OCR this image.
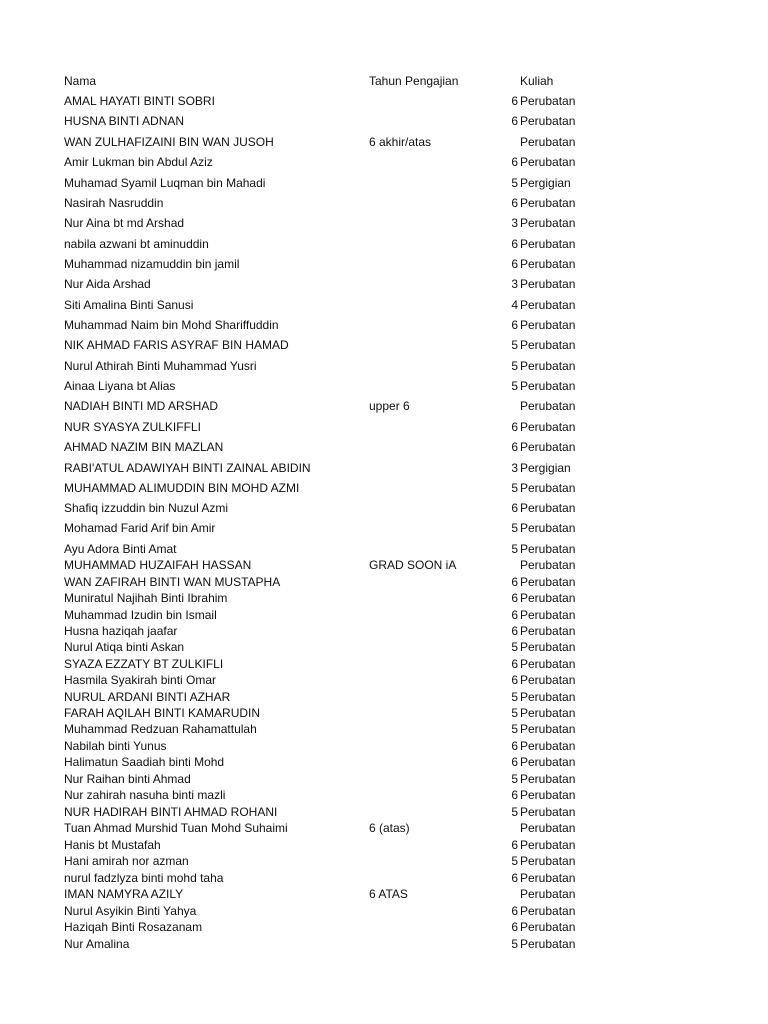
Nama	Tahun Pengajian	Kuliah
AMAL HAYATI BINTI SOBRI	6 Perubatan
HUSNA BINTI ADNAN	6 Perubatan
WAN ZULHAFIZAINI BIN WAN JUSOH	6 akhir/atas	Perubatan
Amir Lukman bin Abdul Aziz	6 Perubatan
Muhamad Syamil Luqman bin Mahadi	5 Pergigian
Nasirah Nasruddin	6 Perubatan
Nur Aina bt md Arshad	3 Perubatan
nabila azwani bt aminuddin	6 Perubatan
Muhammad nizamuddin bin jamil	6 Perubatan
Nur Aida Arshad	3 Perubatan
Siti Amalina Binti Sanusi	4 Perubatan
Muhammad Naim bin Mohd Shariffuddin	6 Perubatan
NIK AHMAD FARIS ASYRAF BIN HAMAD	5 Perubatan
Nurul Athirah Binti Muhammad Yusri	5 Perubatan
Ainaa Liyana bt Alias	5 Perubatan
NADIAH BINTI MD ARSHAD	upper 6	Perubatan
NUR SYASYA ZULKIFFLI	6 Perubatan
AHMAD NAZIM BIN MAZLAN	6 Perubatan
RABI'ATUL ADAWIYAH BINTI ZAINAL ABIDIN	3 Pergigian
MUHAMMAD ALIMUDDIN BIN MOHD AZMI	5 Perubatan
Shafiq izzuddin bin Nuzul Azmi	6 Perubatan
Mohamad Farid Arif bin Amir	5 Perubatan
Ayu Adora Binti Amat	5 Perubatan
MUHAMMAD HUZAIFAH HASSAN	GRAD SOON iA	Perubatan
WAN ZAFIRAH BINTI WAN MUSTAPHA	6 Perubatan
Muniratul Najihah Binti Ibrahim	6 Perubatan
Muhammad Izudin bin Ismail	6 Perubatan
Husna haziqah jaafar	6 Perubatan
Nurul Atiqa binti Askan	5 Perubatan
SYAZA EZZATY BT ZULKIFLI	6 Perubatan
Hasmila Syakirah binti Omar	6 Perubatan
NURUL ARDANI BINTI AZHAR	5 Perubatan
FARAH AQILAH BINTI KAMARUDIN	5 Perubatan
Muhammad Redzuan Rahamattulah	5 Perubatan
Nabilah binti Yunus	6 Perubatan
Halimatun Saadiah binti Mohd	6 Perubatan
Nur Raihan binti Ahmad	5 Perubatan
Nur zahirah nasuha binti mazli	6 Perubatan
NUR HADIRAH BINTI AHMAD ROHANI	5 Perubatan
Tuan Ahmad Murshid Tuan Mohd Suhaimi	6 (atas)	Perubatan
Hanis bt Mustafah	6 Perubatan
Hani amirah nor azman	5 Perubatan
nurul fadzlyza binti mohd taha	6 Perubatan
IMAN NAMYRA AZILY	6 ATAS	Perubatan
Nurul Asyikin Binti Yahya	6 Perubatan
Haziqah Binti Rosazanam	6 Perubatan
Nur Amalina	5 Perubatan
